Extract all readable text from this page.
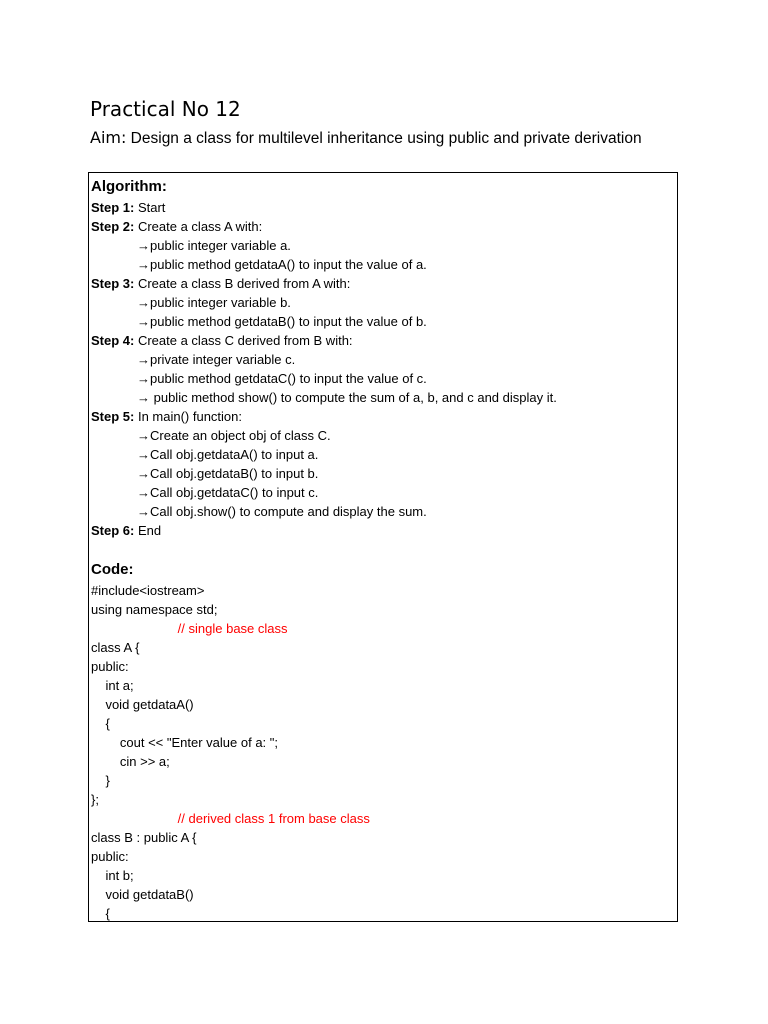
Practical No 12
Aim: Design a class for multilevel inheritance using public and private derivation
Algorithm:
Step 1: Start
Step 2: Create a class A with:
→public integer variable a.
→public method getdataA() to input the value of a.
Step 3: Create a class B derived from A with:
→public integer variable b.
→public method getdataB() to input the value of b.
Step 4: Create a class C derived from B with:
→private integer variable c.
→public method getdataC() to input the value of c.
→ public method show() to compute the sum of a, b, and c and display it.
Step 5: In main() function:
→Create an object obj of class C.
→Call obj.getdataA() to input a.
→Call obj.getdataB() to input b.
→Call obj.getdataC() to input c.
→Call obj.show() to compute and display the sum.
Step 6: End
Code:
#include<iostream>
using namespace std;
// single base class
class A {
public:
int a;
void getdataA()
{
cout << "Enter value of a: ";
cin >> a;
}
};
// derived class 1 from base class
class B : public A {
public:
int b;
void getdataB()
{
